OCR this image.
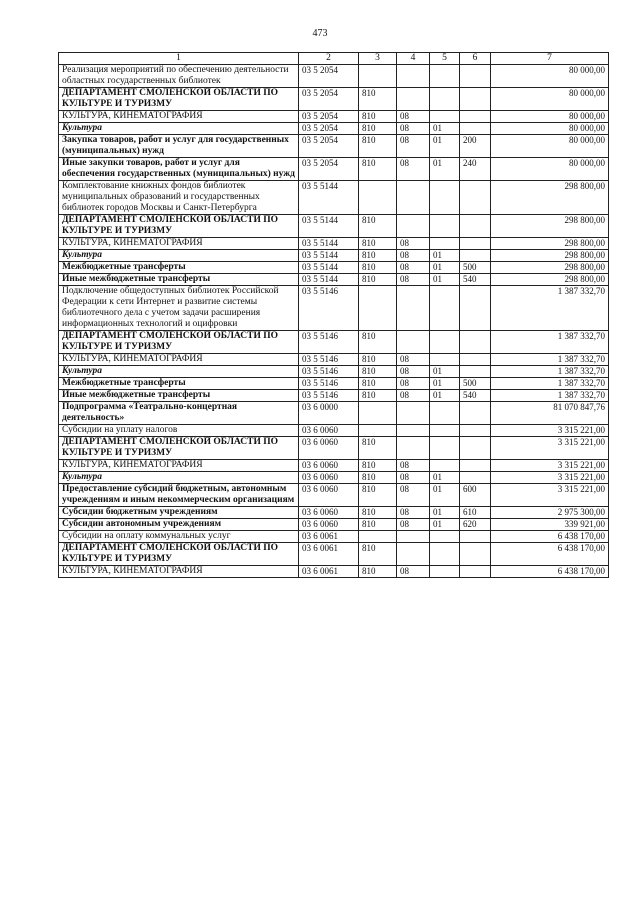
473
1	2	3	4	5	6	7
Реализация мероприятий по обеспечению деятельности областных государственных библиотек	03 5 2054					80 000,00
ДЕПАРТАМЕНТ СМОЛЕНСКОЙ ОБЛАСТИ ПО КУЛЬТУРЕ И ТУРИЗМУ	03 5 2054	810				80 000,00
КУЛЬТУРА, КИНЕМАТОГРАФИЯ	03 5 2054	810	08			80 000,00
Культура	03 5 2054	810	08	01		80 000,00
Закупка товаров, работ и услуг для государственных (муниципальных) нужд	03 5 2054	810	08	01	200	80 000,00
Иные закупки товаров, работ и услуг для обеспечения государственных (муниципальных) нужд	03 5 2054	810	08	01	240	80 000,00
Комплектование книжных фондов библиотек муниципальных образований и государственных библиотек городов Москвы и Санкт-Петербурга	03 5 5144					298 800,00
ДЕПАРТАМЕНТ СМОЛЕНСКОЙ ОБЛАСТИ ПО КУЛЬТУРЕ И ТУРИЗМУ	03 5 5144	810				298 800,00
КУЛЬТУРА, КИНЕМАТОГРАФИЯ	03 5 5144	810	08			298 800,00
Культура	03 5 5144	810	08	01		298 800,00
Межбюджетные трансферты	03 5 5144	810	08	01	500	298 800,00
Иные межбюджетные трансферты	03 5 5144	810	08	01	540	298 800,00
Подключение общедоступных библиотек Российской Федерации к сети Интернет и развитие системы библиотечного дела с учетом задачи расширения информационных технологий и оцифровки	03 5 5146					1 387 332,70
ДЕПАРТАМЕНТ СМОЛЕНСКОЙ ОБЛАСТИ ПО КУЛЬТУРЕ И ТУРИЗМУ	03 5 5146	810				1 387 332,70
КУЛЬТУРА, КИНЕМАТОГРАФИЯ	03 5 5146	810	08			1 387 332,70
Культура	03 5 5146	810	08	01		1 387 332,70
Межбюджетные трансферты	03 5 5146	810	08	01	500	1 387 332,70
Иные межбюджетные трансферты	03 5 5146	810	08	01	540	1 387 332,70
Подпрограмма «Театрально-концертная деятельность»	03 6 0000					81 070 847,76
Субсидии на уплату налогов	03 6 0060					3 315 221,00
ДЕПАРТАМЕНТ СМОЛЕНСКОЙ ОБЛАСТИ ПО КУЛЬТУРЕ И ТУРИЗМУ	03 6 0060	810				3 315 221,00
КУЛЬТУРА, КИНЕМАТОГРАФИЯ	03 6 0060	810	08			3 315 221,00
Культура	03 6 0060	810	08	01		3 315 221,00
Предоставление субсидий бюджетным, автономным учреждениям и иным некоммерческим организациям	03 6 0060	810	08	01	600	3 315 221,00
Субсидии бюджетным учреждениям	03 6 0060	810	08	01	610	2 975 300,00
Субсидии автономным учреждениям	03 6 0060	810	08	01	620	339 921,00
Субсидии на оплату коммунальных услуг	03 6 0061					6 438 170,00
ДЕПАРТАМЕНТ СМОЛЕНСКОЙ ОБЛАСТИ ПО КУЛЬТУРЕ И ТУРИЗМУ	03 6 0061	810				6 438 170,00
КУЛЬТУРА, КИНЕМАТОГРАФИЯ	03 6 0061	810	08			6 438 170,00
